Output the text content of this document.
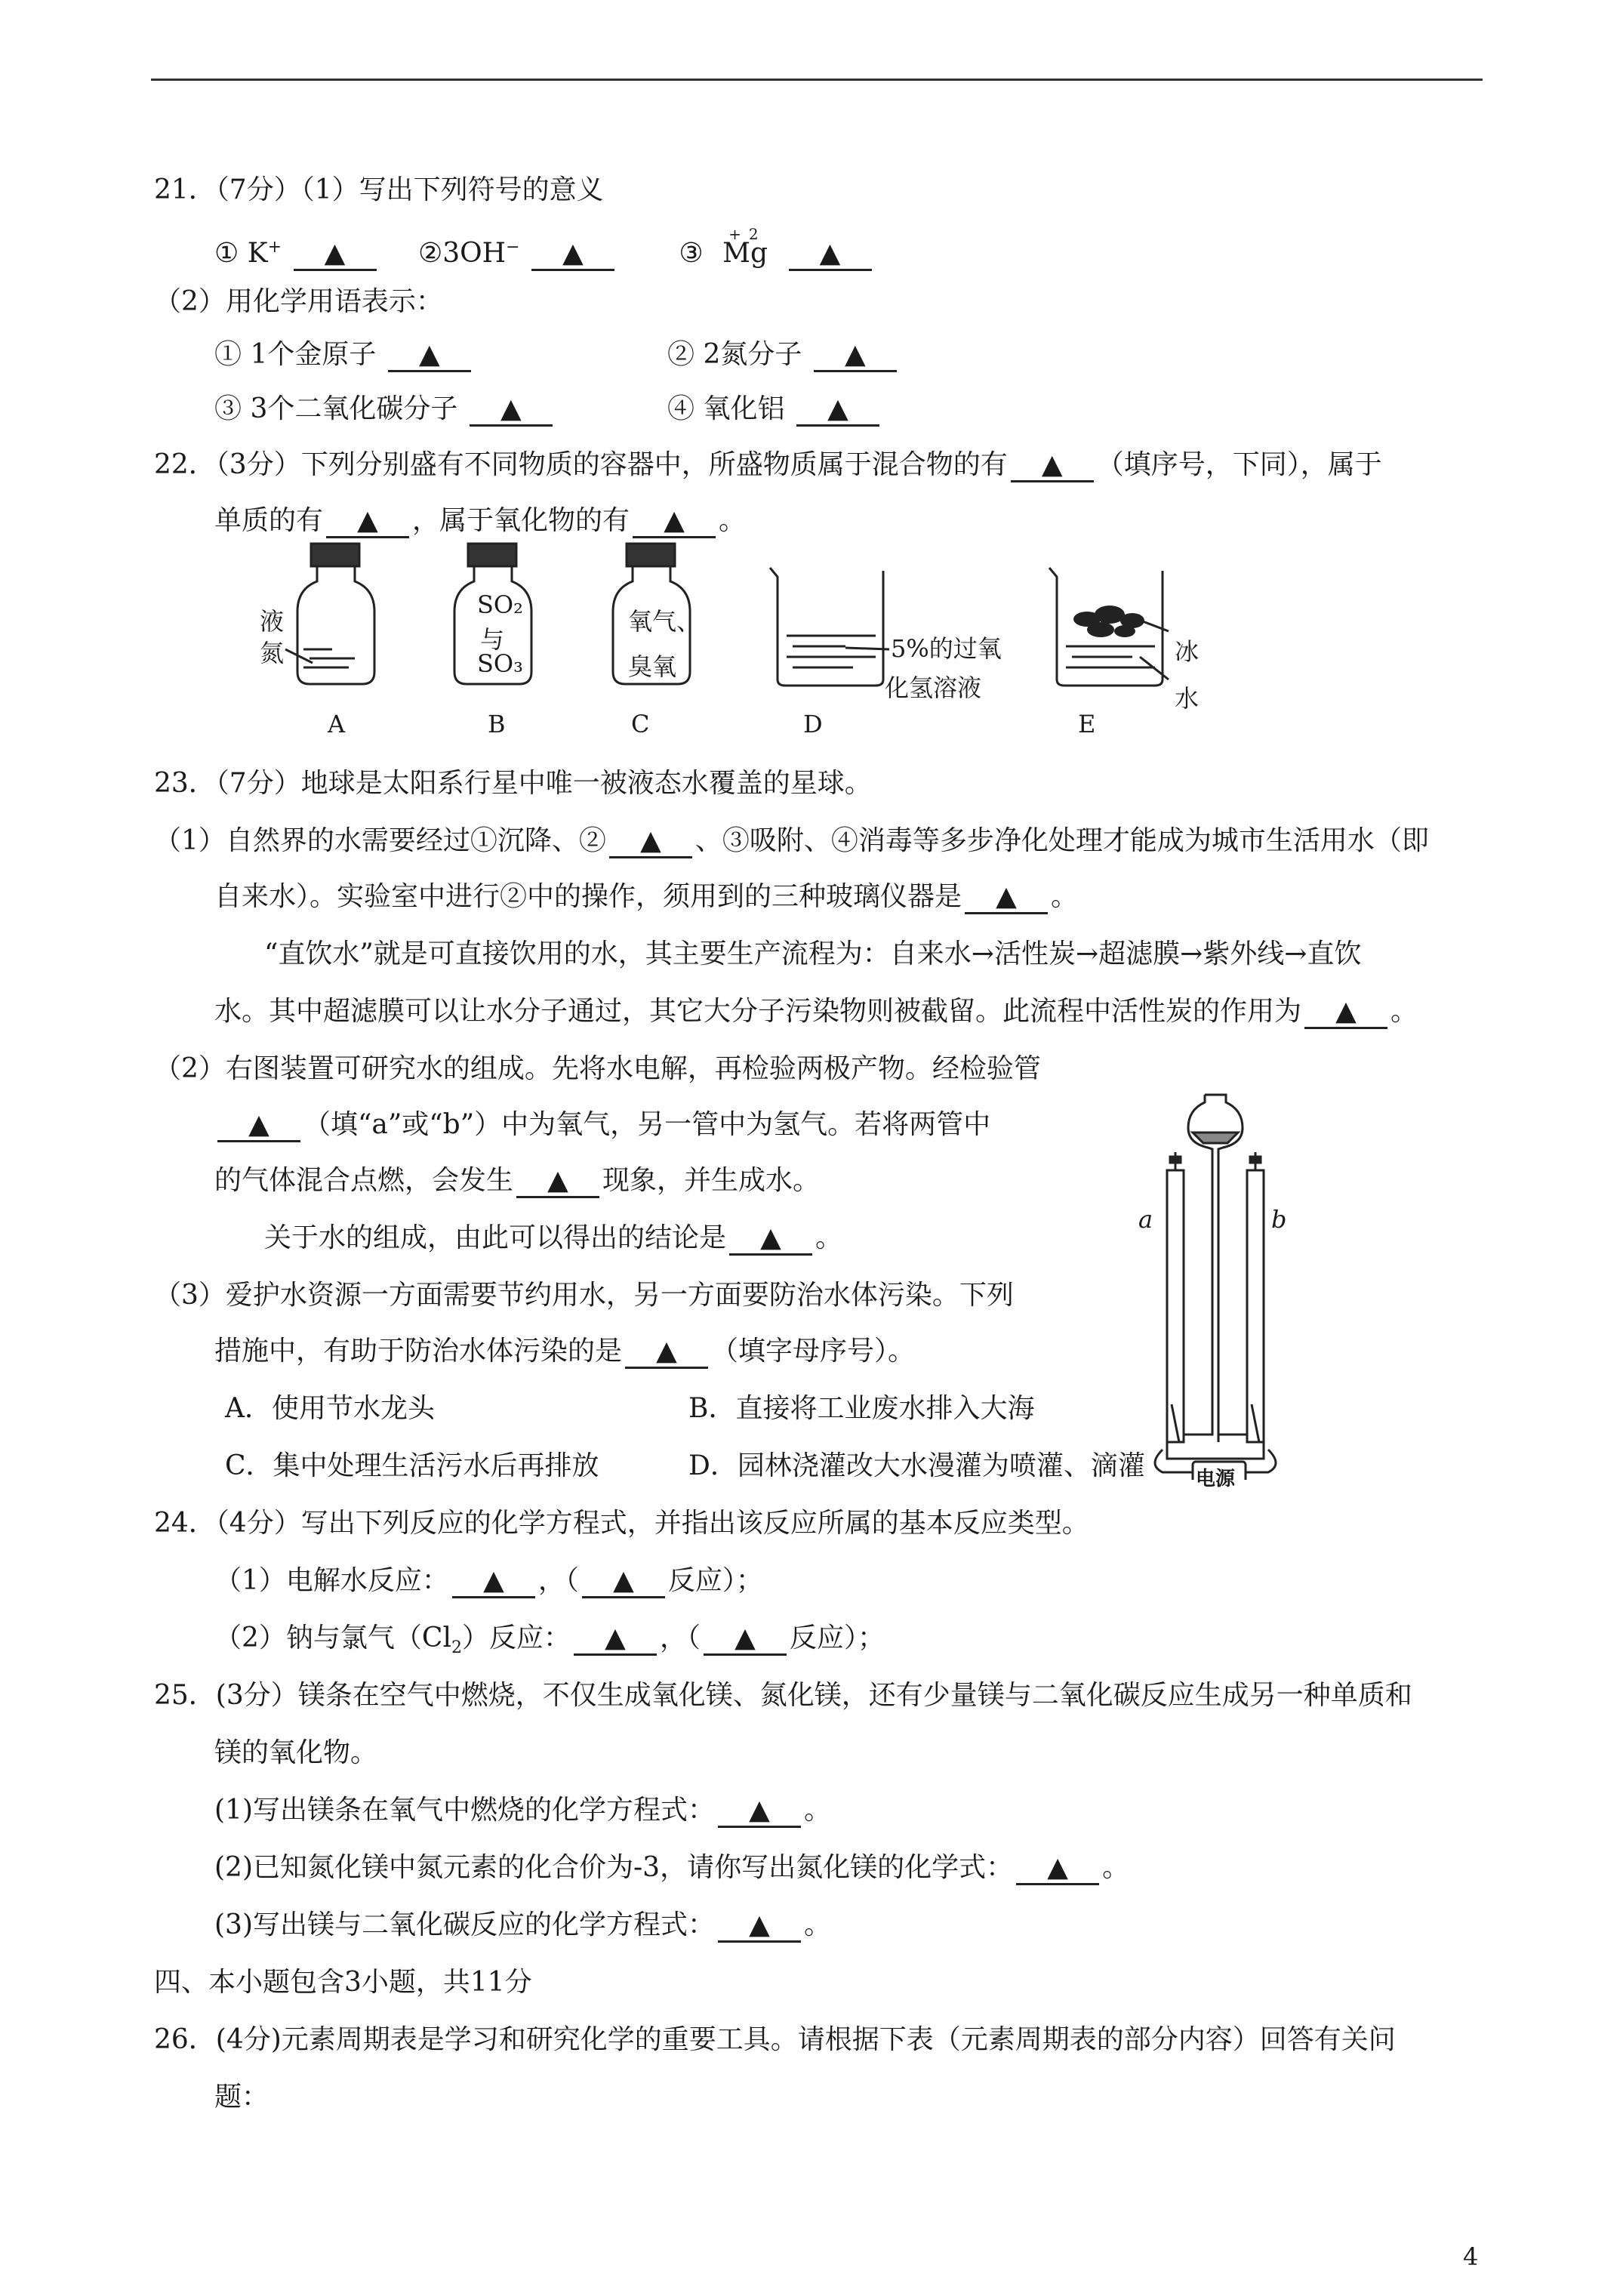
21．（7分）（1）写出下列符号的意义
① K+ ▲	②3OH− ▲	③
+2
Mg ▲
（2）用化学用语表示：
① 1个金原子 ▲	② 2氮分子 ▲
③ 3个二氧化碳分子 ▲	④ 氧化铝 ▲
22．（3分）下列分别盛有不同物质的容器中，所盛物质属于混合物的有 ▲ （填序号，下同），属于
单质的有 ▲ ，属于氧化物的有 ▲ 。
液
氮
SO₂
与
SO₃
氧气、
臭氧
5%的过氧
化氢溶液
冰
水
A	B	C	D	E
23．（7分）地球是太阳系行星中唯一被液态水覆盖的星球。
（1）自然界的水需要经过①沉降、② ▲ 、③吸附、④消毒等多步净化处理才能成为城市生活用水（即
自来水）。实验室中进行②中的操作，须用到的三种玻璃仪器是 ▲ 。
“直饮水”就是可直接饮用的水，其主要生产流程为：自来水→活性炭→超滤膜→紫外线→直饮
水。其中超滤膜可以让水分子通过，其它大分子污染物则被截留。此流程中活性炭的作用为 ▲ 。
（2）右图装置可研究水的组成。先将水电解，再检验两极产物。经检验管
▲ （填“a”或“b”）中为氧气，另一管中为氢气。若将两管中
的气体混合点燃，会发生 ▲ 现象，并生成水。
关于水的组成，由此可以得出的结论是 ▲ 。
（3）爱护水资源一方面需要节约用水，另一方面要防治水体污染。下列
措施中，有助于防治水体污染的是 ▲ （填字母序号）。
A．使用节水龙头	B．直接将工业废水排入大海
C．集中处理生活污水后再排放	D．园林浇灌改大水漫灌为喷灌、滴灌
a	b
电源
24．（4分）写出下列反应的化学方程式，并指出该反应所属的基本反应类型。
（1）电解水反应： ▲ ，（ ▲ 反应）；
（2）钠与氯气$(Cl_2)$反应： ▲ ，（ ▲ 反应）；
25．(3分）镁条在空气中燃烧，不仅生成氧化镁、氮化镁，还有少量镁与二氧化碳反应生成另一种单质和
镁的氧化物。
(1)写出镁条在氧气中燃烧的化学方程式： ▲ 。
(2)已知氮化镁中氮元素的化合价为-3，请你写出氮化镁的化学式： ▲ 。
(3)写出镁与二氧化碳反应的化学方程式： ▲ 。
四、本小题包含3小题，共11分
26．(4分)元素周期表是学习和研究化学的重要工具。请根据下表（元素周期表的部分内容）回答有关问
题：
4
